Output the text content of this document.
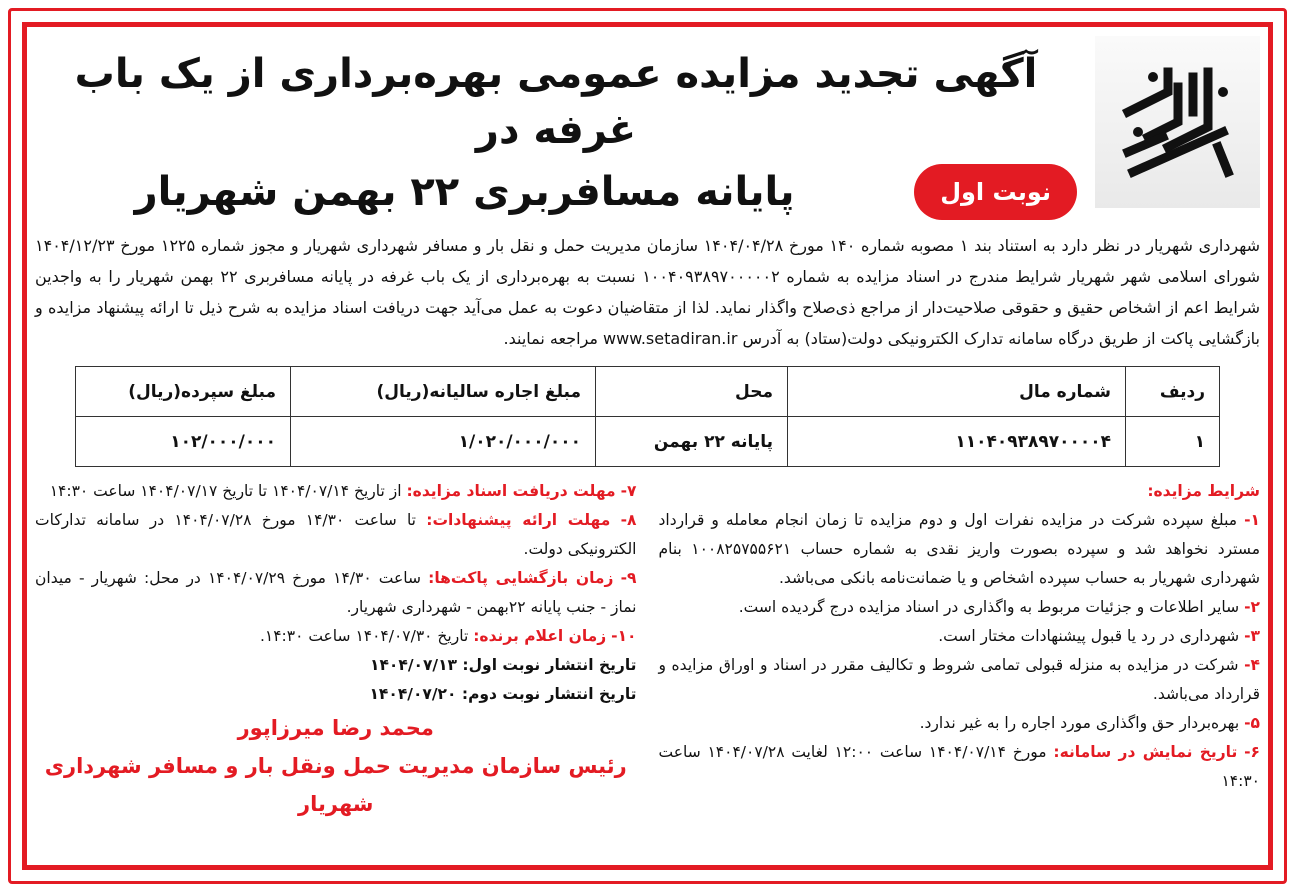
آگهی تجدید مزایده عمومی بهره‌برداری از یک باب غرفه در
پایانه مسافربری ۲۲ بهمن شهریار	نوبت اول
شهرداری شهریار در نظر دارد به استناد بند ۱ مصوبه شماره ۱۴۰ مورخ ۱۴۰۴/۰۴/۲۸ سازمان مدیریت حمل و نقل بار و مسافر شهرداری شهریار و مجوز شماره ۱۲۲۵ مورخ ۱۴۰۴/۱۲/۲۳ شورای اسلامی شهر شهریار شرایط مندرج در اسناد مزایده به شماره ۱۰۰۴۰۹۳۸۹۷۰۰۰۰۰۲ نسبت به بهره‌برداری از یک باب غرفه در پایانه مسافربری ۲۲ بهمن شهریار را به واجدین شرایط اعم از اشخاص حقیق و حقوقی صلاحیت‌دار از مراجع ذی‌صلاح واگذار نماید. لذا از متقاضیان دعوت به عمل می‌آید جهت دریافت اسناد مزایده به شرح ذیل تا ارائه پیشنهاد مزایده و بازگشایی پاکت از طریق درگاه سامانه تدارک الکترونیکی دولت(ستاد) به آدرس www.setadiran.ir مراجعه نمایند.
ردیف	شماره مال	محل	مبلغ اجاره سالیانه(ریال)	مبلغ سپرده(ریال)
۱	۱۱۰۴۰۹۳۸۹۷۰۰۰۰۴	پایانه ۲۲ بهمن	۱/۰۲۰/۰۰۰/۰۰۰	۱۰۲/۰۰۰/۰۰۰
شرایط مزایده:
۱- مبلغ سپرده شرکت در مزایده نفرات اول و دوم مزایده تا زمان انجام معامله و قرارداد مسترد نخواهد شد و سپرده بصورت واریز نقدی به شماره حساب ۱۰۰۸۲۵۷۵۵۶۲۱ بنام شهرداری شهریار به حساب سپرده اشخاص و یا ضمانت‌نامه بانکی می‌باشد.
۲- سایر اطلاعات و جزئیات مربوط به واگذاری در اسناد مزایده درج گردیده است.
۳- شهرداری در رد یا قبول پیشنهادات مختار است.
۴- شرکت در مزایده به منزله قبولی تمامی شروط و تکالیف مقرر در اسناد و اوراق مزایده و قرارداد می‌باشد.
۵- بهره‌بردار حق واگذاری مورد اجاره را به غیر ندارد.
۶- تاریخ نمایش در سامانه: مورخ ۱۴۰۴/۰۷/۱۴ ساعت ۱۲:۰۰ لغایت ۱۴۰۴/۰۷/۲۸ ساعت ۱۴:۳۰
۷- مهلت دریافت اسناد مزایده: از تاریخ ۱۴۰۴/۰۷/۱۴ تا تاریخ ۱۴۰۴/۰۷/۱۷ ساعت ۱۴:۳۰
۸- مهلت ارائه پیشنهادات: تا ساعت ۱۴/۳۰ مورخ ۱۴۰۴/۰۷/۲۸ در سامانه تدارکات الکترونیکی دولت.
۹- زمان بازگشایی پاکت‌ها: ساعت ۱۴/۳۰ مورخ ۱۴۰۴/۰۷/۲۹ در محل: شهریار - میدان نماز - جنب پایانه ۲۲بهمن - شهرداری شهریار.
۱۰- زمان اعلام برنده: تاریخ ۱۴۰۴/۰۷/۳۰ ساعت ۱۴:۳۰.
تاریخ انتشار نوبت اول: ۱۴۰۴/۰۷/۱۳
تاریخ انتشار نوبت دوم: ۱۴۰۴/۰۷/۲۰
محمد رضا میرزاپور
رئیس سازمان مدیریت حمل ونقل بار و مسافر شهرداری شهریار
